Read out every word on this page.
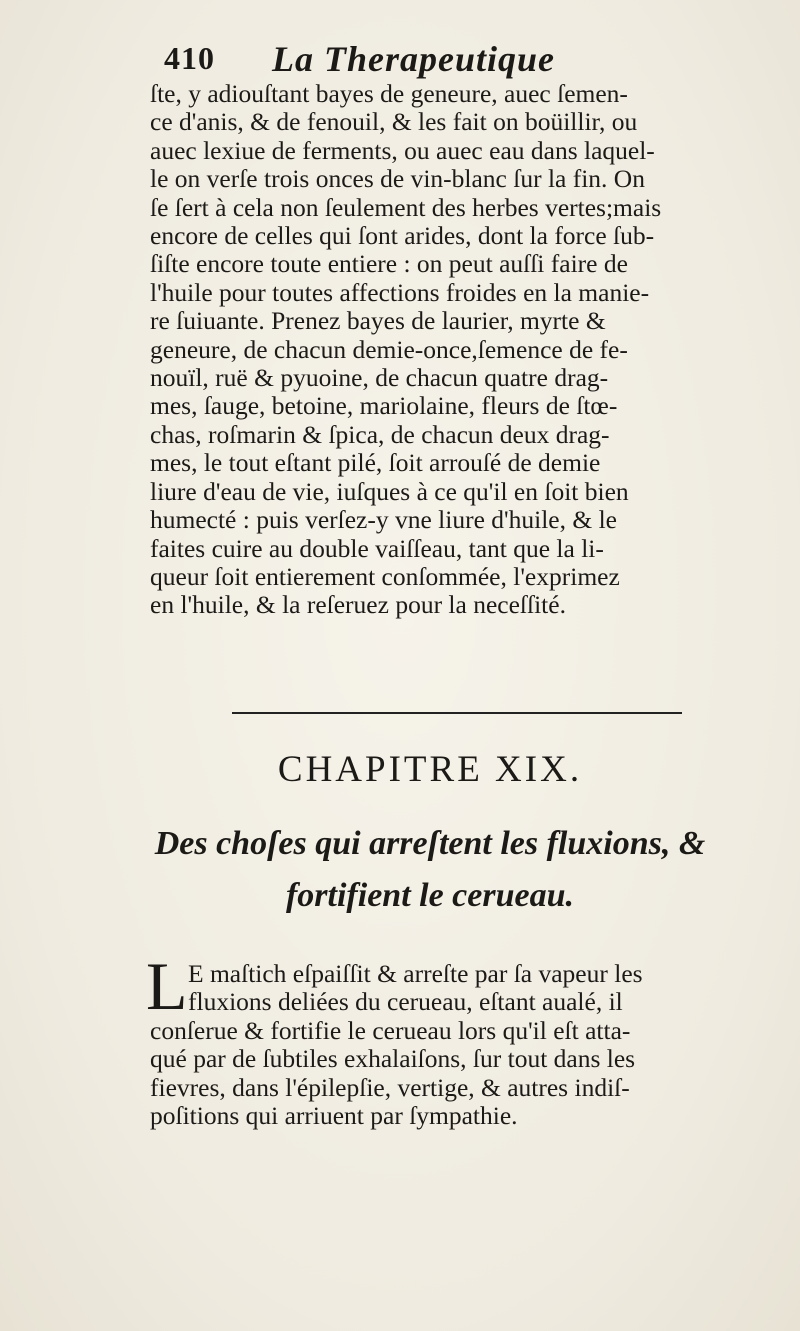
410 La Therapeutique
ſte, y adiouſtant bayes de geneure, auec ſemen-
ce d'anis, & de fenouil, & les fait on boüillir, ou
auec lexiue de ferments, ou auec eau dans laquel-
le on verſe trois onces de vin-blanc ſur la fin. On
ſe ſert à cela non ſeulement des herbes vertes;mais
encore de celles qui ſont arides, dont la force ſub-
ſiſte encore toute entiere : on peut auſſi faire de
l'huile pour toutes affections froides en la manie-
re ſuiuante. Prenez bayes de laurier, myrte &
geneure, de chacun demie-once,ſemence de fe-
nouïl, ruë & pyuoine, de chacun quatre drag-
mes, ſauge, betoine, mariolaine, fleurs de ſtœ-
chas, roſmarin & ſpica, de chacun deux drag-
mes, le tout eſtant pilé, ſoit arrouſé de demie
liure d'eau de vie, iuſques à ce qu'il en ſoit bien
humecté : puis verſez-y vne liure d'huile, & le
faites cuire au double vaiſſeau, tant que la li-
queur ſoit entierement conſommée, l'exprimez
en l'huile, & la reſeruez pour la neceſſité.
CHAPITRE XIX.
Des choſes qui arreſtent les fluxions, &
fortifient le cerueau.
L E maſtich eſpaiſſit & arreſte par ſa vapeur les
fluxions deliées du cerueau, eſtant aualé, il
conſerue & fortifie le cerueau lors qu'il eſt atta-
qué par de ſubtiles exhalaiſons, ſur tout dans les
fievres, dans l'épilepſie, vertige, & autres indiſ-
poſitions qui arriuent par ſympathie.
